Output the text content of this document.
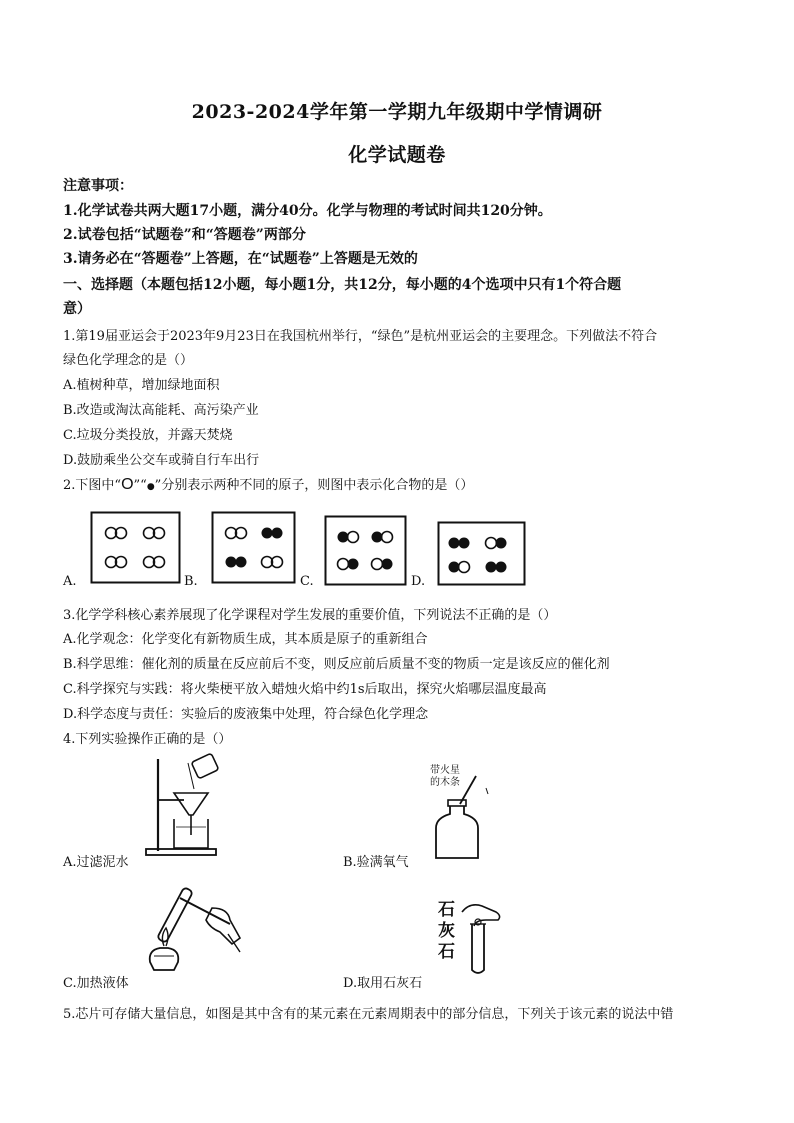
2023-2024学年第一学期九年级期中学情调研
化学试题卷
注意事项：
1.化学试卷共两大题17小题，满分40分。化学与物理的考试时间共120分钟。
2.试卷包括“试题卷”和“答题卷”两部分
3.请务必在“答题卷”上答题，在“试题卷”上答题是无效的
一、选择题（本题包括12小题，每小题1分，共12分，每小题的4个选项中只有1个符合题
意）
1.第19届亚运会于2023年9月23日在我国杭州举行，“绿色”是杭州亚运会的主要理念。下列做法不符合
绿色化学理念的是（）
A.植树种草，增加绿地面积
B.改造或淘汰高能耗、高污染产业
C.垃圾分类投放，并露天焚烧
D.鼓励乘坐公交车或骑自行车出行
2.下图中“O”“●”分别表示两种不同的原子，则图中表示化合物的是（）
A.	B.	C.	D.
3.化学学科核心素养展现了化学课程对学生发展的重要价值，下列说法不正确的是（）
A.化学观念：化学变化有新物质生成，其本质是原子的重新组合
B.科学思维：催化剂的质量在反应前后不变，则反应前后质量不变的物质一定是该反应的催化剂
C.科学探究与实践：将火柴梗平放入蜡烛火焰中约1s后取出，探究火焰哪层温度最高
D.科学态度与责任：实验后的废液集中处理，符合绿色化学理念
4.下列实验操作正确的是（）
A.过滤泥水
带火星
的木条
B.验满氧气
C.加热液体
石
灰
石
D.取用石灰石
5.芯片可存储大量信息，如图是其中含有的某元素在元素周期表中的部分信息，下列关于该元素的说法中错
